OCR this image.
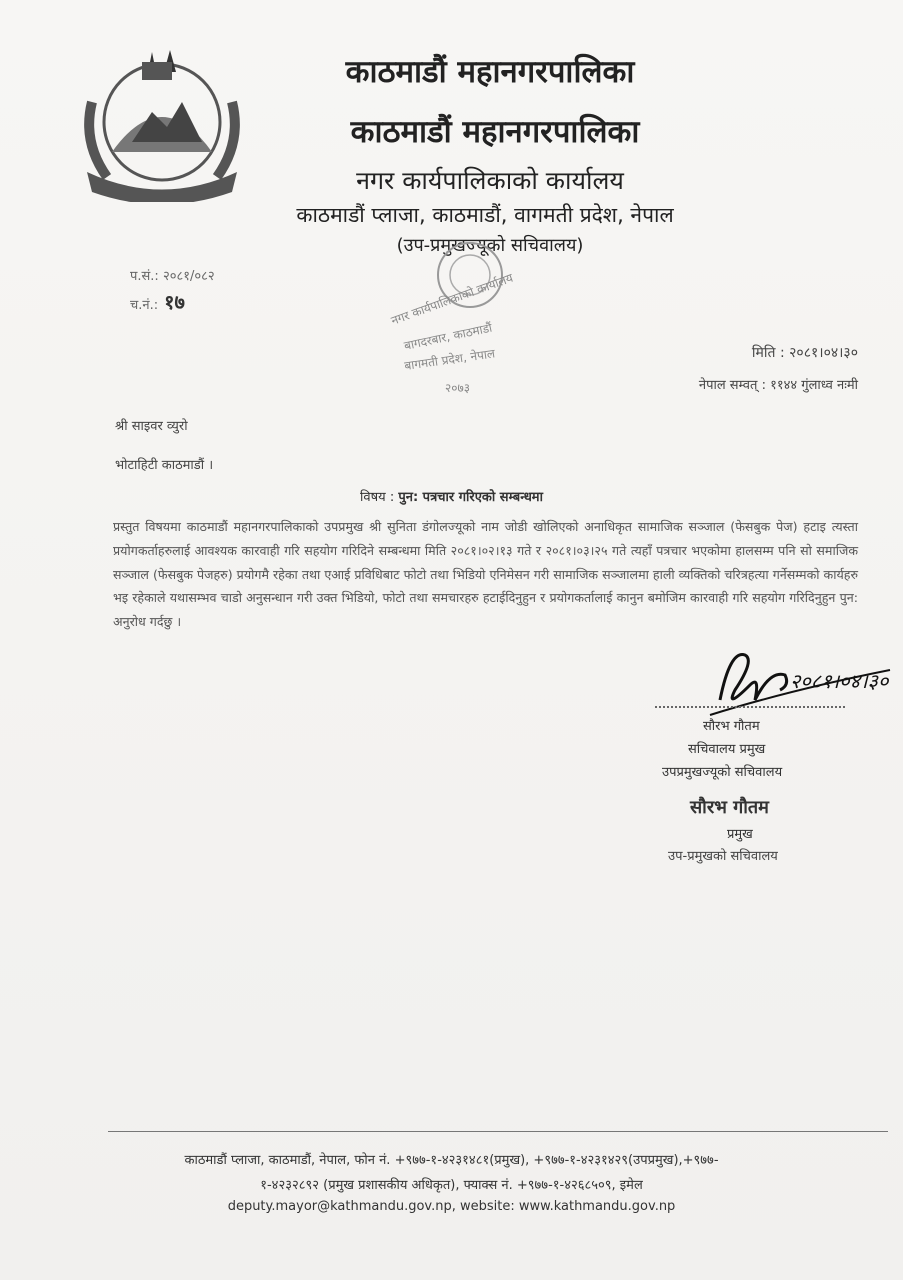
काठमाडौं महानगरपालिका
काठमाडौं महानगरपालिका
नगर कार्यपालिकाको कार्यालय
काठमाडौं प्लाजा, काठमाडौं, वागमती प्रदेश, नेपाल
(उप-प्रमुखज्यूको सचिवालय)
प.सं.: २०८१/०८२
च.नं.: १७	नगर कार्यपालिकाको कार्यालय
बागदरबार, काठमाडौं
बागमती प्रदेश, नेपाल
२०७३
मिति : २०८१।०४।३०
नेपाल सम्वत् : ११४४ गुंलाध्व नःमी
श्री साइवर व्युरो
भोटाहिटी काठमाडौं ।
विषय : पुन: पत्रचार गरिएको सम्बन्धमा
प्रस्तुत विषयमा काठमाडौं महानगरपालिकाको उपप्रमुख श्री सुनिता डंगोलज्यूको नाम जोडी खोलिएको अनाधिकृत सामाजिक सञ्जाल (फेसबुक पेज) हटाइ त्यस्ता प्रयोगकर्ताहरुलाई आवश्यक कारवाही गरि सहयोग गरिदिने सम्बन्धमा मिति २०८१।०२।१३ गते र २०८१।०३।२५ गते त्यहाँ पत्रचार भएकोमा हालसम्म पनि सो समाजिक सञ्जाल (फेसबुक पेजहरु) प्रयोगमै रहेका तथा एआई प्रविधिबाट फोटो तथा भिडियो एनिमेसन गरी सामाजिक सञ्जालमा हाली व्यक्तिको चरित्रहत्या गर्नेसम्मको कार्यहरु भइ रहेकाले यथासम्भव चाडो अनुसन्धान गरी उक्त भिडियो, फोटो तथा समचारहरु हटाईदिनुहुन र प्रयोगकर्तालाई कानुन बमोजिम कारवाही गरि सहयोग गरिदिनुहुन पुन: अनुरोध गर्दछु ।
२०८१।०४।३०
सौरभ गौतम
सचिवालय प्रमुख
उपप्रमुखज्यूको सचिवालय
सौरभ गौतम
प्रमुख
उप-प्रमुखको सचिवालय
काठमाडौं प्लाजा, काठमाडौं, नेपाल, फोन नं. +९७७-१-४२३१४८१(प्रमुख), +९७७-१-४२३१४२९(उपप्रमुख),+९७७-
१-४२३२८९२ (प्रमुख प्रशासकीय अधिकृत), फ्याक्स नं. +९७७-१-४२६८५०९, इमेल
deputy.mayor@kathmandu.gov.np, website: www.kathmandu.gov.np
